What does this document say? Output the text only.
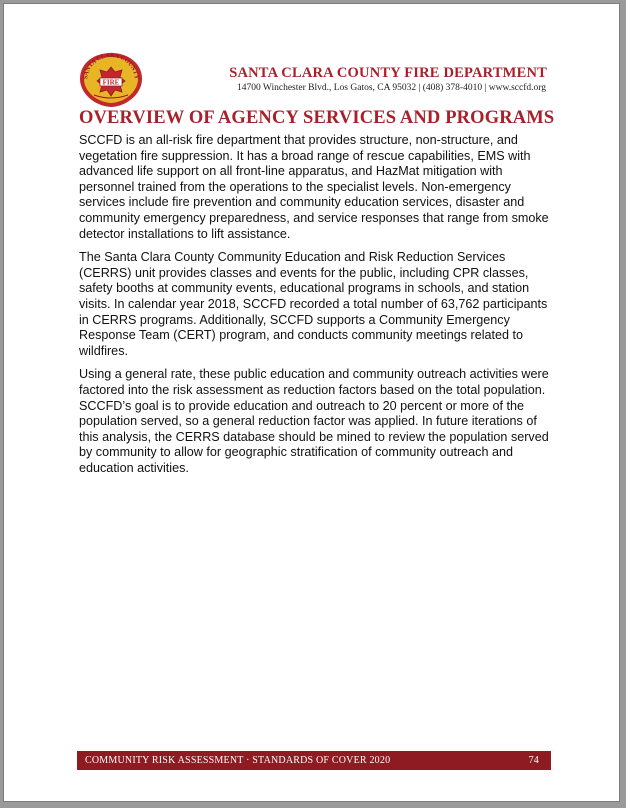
SANTA CLARA COUNTY
FIRE
SANTA CLARA COUNTY FIRE DEPARTMENT
14700 Winchester Blvd., Los Gatos, CA 95032 | (408) 378-4010 | www.sccfd.org
OVERVIEW OF AGENCY SERVICES AND PROGRAMS

SCCFD is an all-risk fire department that provides structure, non-structure, and vegetation fire suppression. It has a broad range of rescue capabilities, EMS with advanced life support on all front-line apparatus, and HazMat mitigation with personnel trained from the operations to the specialist levels. Non-emergency services include fire prevention and community education services, disaster and community emergency preparedness, and service responses that range from smoke detector installations to lift assistance.

The Santa Clara County Community Education and Risk Reduction Services (CERRS) unit provides classes and events for the public, including CPR classes, safety booths at community events, educational programs in schools, and station visits. In calendar year 2018, SCCFD recorded a total number of 63,762 participants in CERRS programs. Additionally, SCCFD supports a Community Emergency Response Team (CERT) program, and conducts community meetings related to wildfires.

Using a general rate, these public education and community outreach activities were factored into the risk assessment as reduction factors based on the total population. SCCFD’s goal is to provide education and outreach to 20 percent or more of the population served, so a general reduction factor was applied. In future iterations of this analysis, the CERRS database should be mined to review the population served by community to allow for geographic stratification of community outreach and education activities.

COMMUNITY RISK ASSESSMENT · STANDARDS OF COVER 2020	74
